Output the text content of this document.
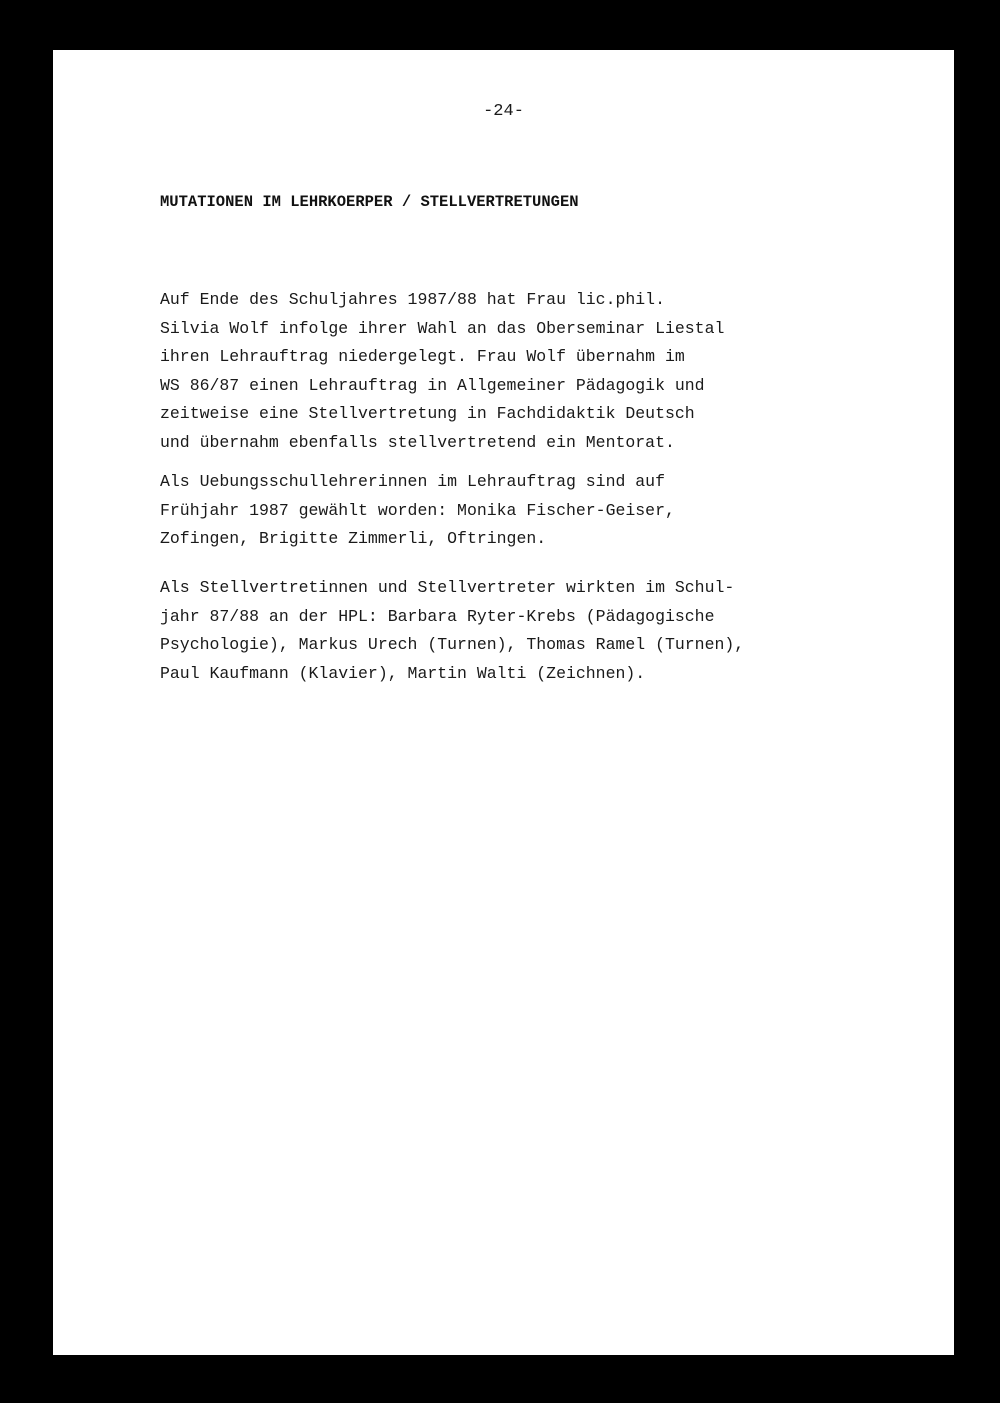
-24-
MUTATIONEN IM LEHRKOERPER / STELLVERTRETUNGEN
Auf Ende des Schuljahres 1987/88 hat Frau lic.phil.
Silvia Wolf infolge ihrer Wahl an das Oberseminar Liestal
ihren Lehrauftrag niedergelegt. Frau Wolf übernahm im
WS 86/87 einen Lehrauftrag in Allgemeiner Pädagogik und
zeitweise eine Stellvertretung in Fachdidaktik Deutsch
und übernahm ebenfalls stellvertretend ein Mentorat.
Als Uebungsschullehrerinnen im Lehrauftrag sind auf
Frühjahr 1987 gewählt worden: Monika Fischer-Geiser,
Zofingen, Brigitte Zimmerli, Oftringen.
Als Stellvertretinnen und Stellvertreter wirkten im Schul-
jahr 87/88 an der HPL: Barbara Ryter-Krebs (Pädagogische
Psychologie), Markus Urech (Turnen), Thomas Ramel (Turnen),
Paul Kaufmann (Klavier), Martin Walti (Zeichnen).
